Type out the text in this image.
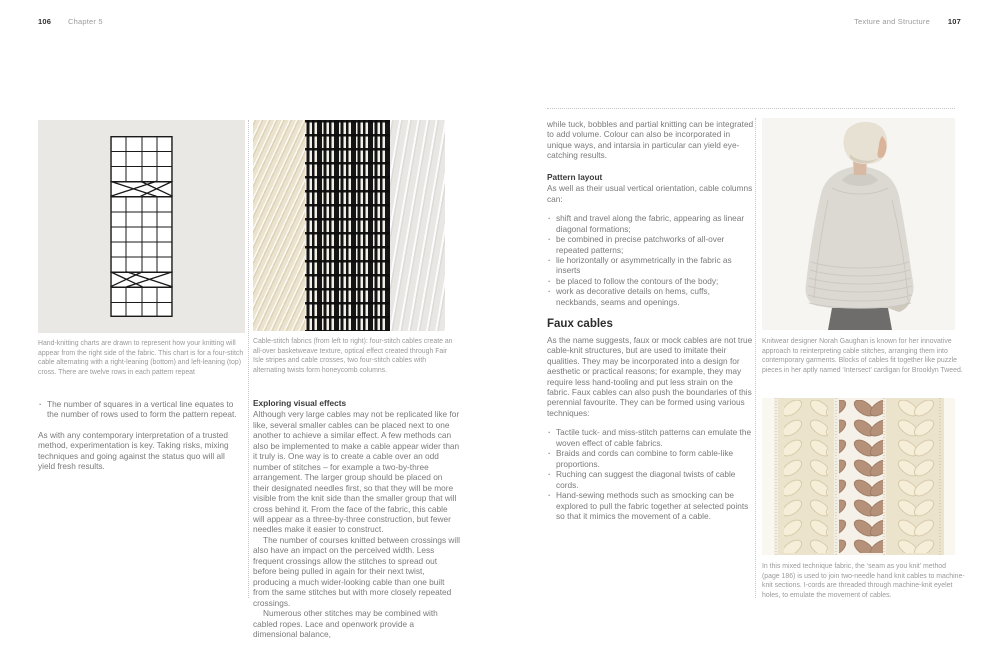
106 Chapter 5	Texture and Structure 107
Hand-knitting charts are drawn to represent how your knitting will appear from the right side of the fabric. This chart is for a four-stitch cable alternating with a right-leaning (bottom) and left-leaning (top) cross. There are twelve rows in each pattern repeat
Cable-stitch fabrics (from left to right): four-stitch cables create an all-over basketweave texture, optical effect created through Fair Isle stripes and cable crosses, two four-stitch cables with alternating twists form honeycomb columns.
· The number of squares in a vertical line equates to the number of rows used to form the pattern repeat.

As with any contemporary interpretation of a trusted method, experimentation is key. Taking risks, mixing techniques and going against the status quo will all yield fresh results.

Exploring visual effects

Although very large cables may not be replicated like for like, several smaller cables can be placed next to one another to achieve a similar effect. A few methods can also be implemented to make a cable appear wider than it truly is. One way is to create a cable over an odd number of stitches – for example a two-by-three arrangement. The larger group should be placed on their designated needles first, so that they will be more visible from the knit side than the smaller group that will cross behind it. From the face of the fabric, this cable will appear as a three-by-three construction, but fewer needles make it easier to construct.

The number of courses knitted between crossings will also have an impact on the perceived width. Less frequent crossings allow the stitches to spread out before being pulled in again for their next twist, producing a much wider-looking cable than one built from the same stitches but with more closely repeated crossings.

Numerous other stitches may be combined with cabled ropes. Lace and openwork provide a dimensional balance,

while tuck, bobbles and partial knitting can be integrated to add volume. Colour can also be incorporated in unique ways, and intarsia in particular can yield eye-catching results.

Pattern layout

As well as their usual vertical orientation, cable columns can:

· shift and travel along the fabric, appearing as linear diagonal formations;
· be combined in precise patchworks of all-over repeated patterns;
· lie horizontally or asymmetrically in the fabric as inserts
· be placed to follow the contours of the body;
· work as decorative details on hems, cuffs, neckbands, seams and openings.
Faux cables

As the name suggests, faux or mock cables are not true cable-knit structures, but are used to imitate their qualities. They may be incorporated into a design for aesthetic or practical reasons; for example, they may require less hand-tooling and put less strain on the fabric. Faux cables can also push the boundaries of this perennial favourite. They can be formed using various techniques:

· Tactile tuck- and miss-stitch patterns can emulate the woven effect of cable fabrics.
· Braids and cords can combine to form cable-like proportions.
· Ruching can suggest the diagonal twists of cable cords.
· Hand-sewing methods such as smocking can be explored to pull the fabric together at selected points so that it mimics the movement of a cable.
Knitwear designer Norah Gaughan is known for her innovative approach to reinterpreting cable stitches, arranging them into contemporary garments. Blocks of cables fit together like puzzle pieces in her aptly named ‘Intersect’ cardigan for Brooklyn Tweed.
In this mixed technique fabric, the ‘seam as you knit’ method (page 186) is used to join two-needle hand knit cables to machine-knit sections. I-cords are threaded through machine-knit eyelet holes, to emulate the movement of cables.
